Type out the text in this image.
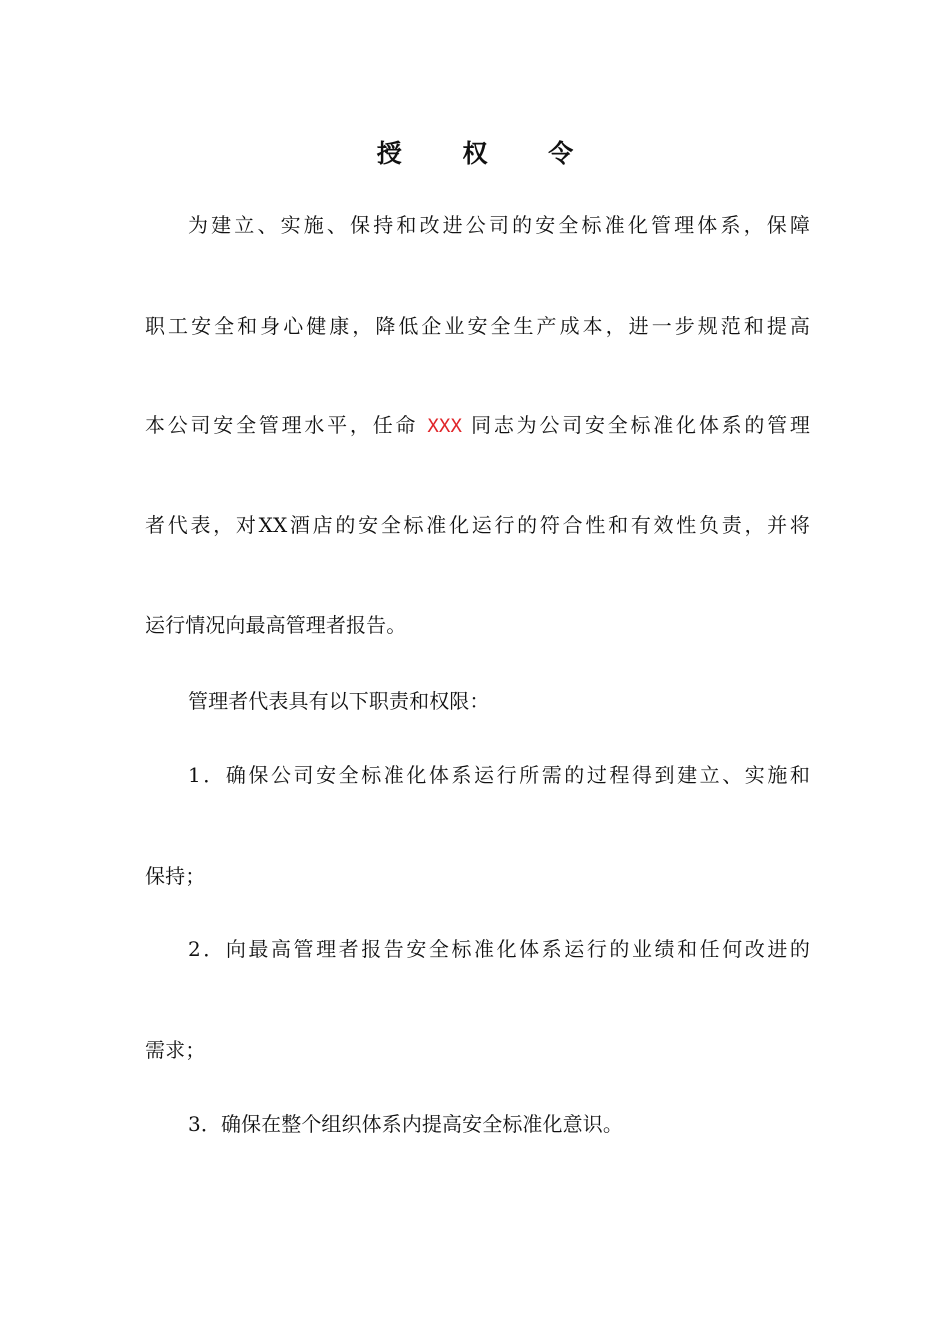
授 权 令
为建立、实施、保持和改进公司的安全标准化管理体系，保障
职工安全和身心健康，降低企业安全生产成本，进一步规范和提高
本公司安全管理水平，任命 XXX 同志为公司安全标准化体系的管理
者代表，对XX酒店的安全标准化运行的符合性和有效性负责，并将
运行情况向最高管理者报告。
管理者代表具有以下职责和权限：
1．确保公司安全标准化体系运行所需的过程得到建立、实施和
保持；
2．向最高管理者报告安全标准化体系运行的业绩和任何改进的
需求；
3．确保在整个组织体系内提高安全标准化意识。
